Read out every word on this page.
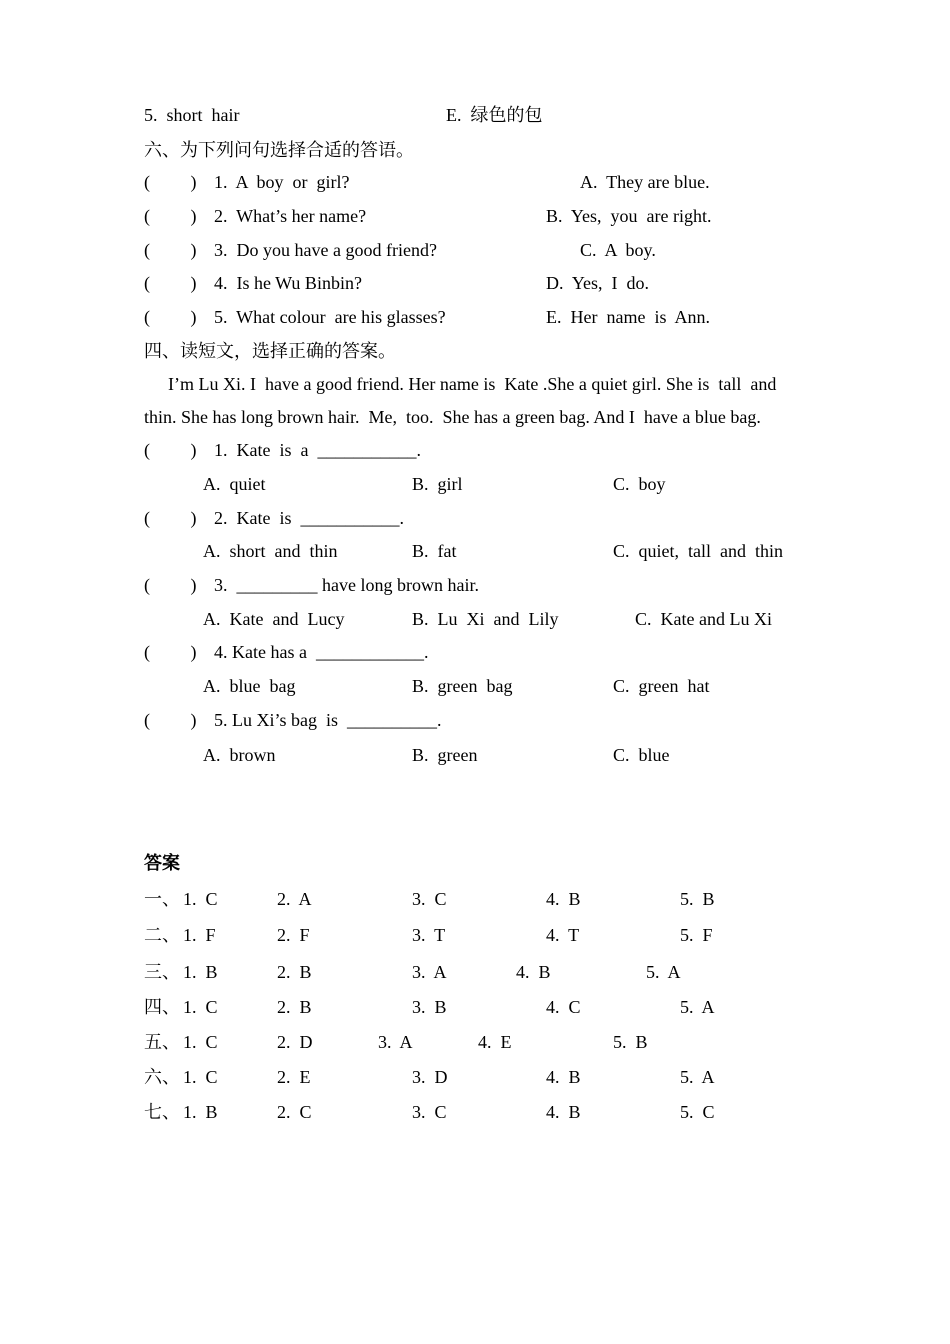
5.  short  hair	E.  绿色的包
六、为下列问句选择合适的答语。
(         ) 1.  A  boy  or  girl?	A.  They are blue.
(         ) 2.  What’s her name?	B.  Yes,  you  are right.
(         ) 3.  Do you have a good friend?	C.  A  boy.
(         ) 4.  Is he Wu Binbin?	D.  Yes,  I  do.
(         ) 5.  What colour  are his glasses?	E.  Her  name  is  Ann.
四、读短文，选择正确的答案。
I’m Lu Xi. I  have a good friend. Her name is  Kate .She a quiet girl. She is  tall  and
thin. She has long brown hair.  Me,  too.  She has a green bag. And I  have a blue bag.
(         ) 1.  Kate  is  a  ___________.
A.  quiet	B.  girl	C.  boy
(         ) 2.  Kate  is  ___________.
A.  short  and  thin	B.  fat	C.  quiet,  tall  and  thin
(         ) 3.  _________ have long brown hair.
A.  Kate  and  Lucy	B.  Lu  Xi  and  Lily	C.  Kate and Lu Xi
(         ) 4. Kate has a  ____________.
A.  blue  bag	B.  green  bag	C.  green  hat
(         ) 5. Lu Xi’s bag  is  __________.
A.  brown	B.  green	C.  blue
答案
一、 1.  C	2.  A	3.  C	4.  B	5.  B
二、 1.  F	2.  F	3.  T	4.  T	5.  F
三、 1.  B	2.  B	3.  A	4.  B	5.  A
四、 1.  C	2.  B	3.  B	4.  C	5.  A
五、 1.  C	2.  D	3.  A	4.  E	5.  B
六、 1.  C	2.  E	3.  D	4.  B	5.  A
七、 1.  B	2.  C	3.  C	4.  B	5.  C
